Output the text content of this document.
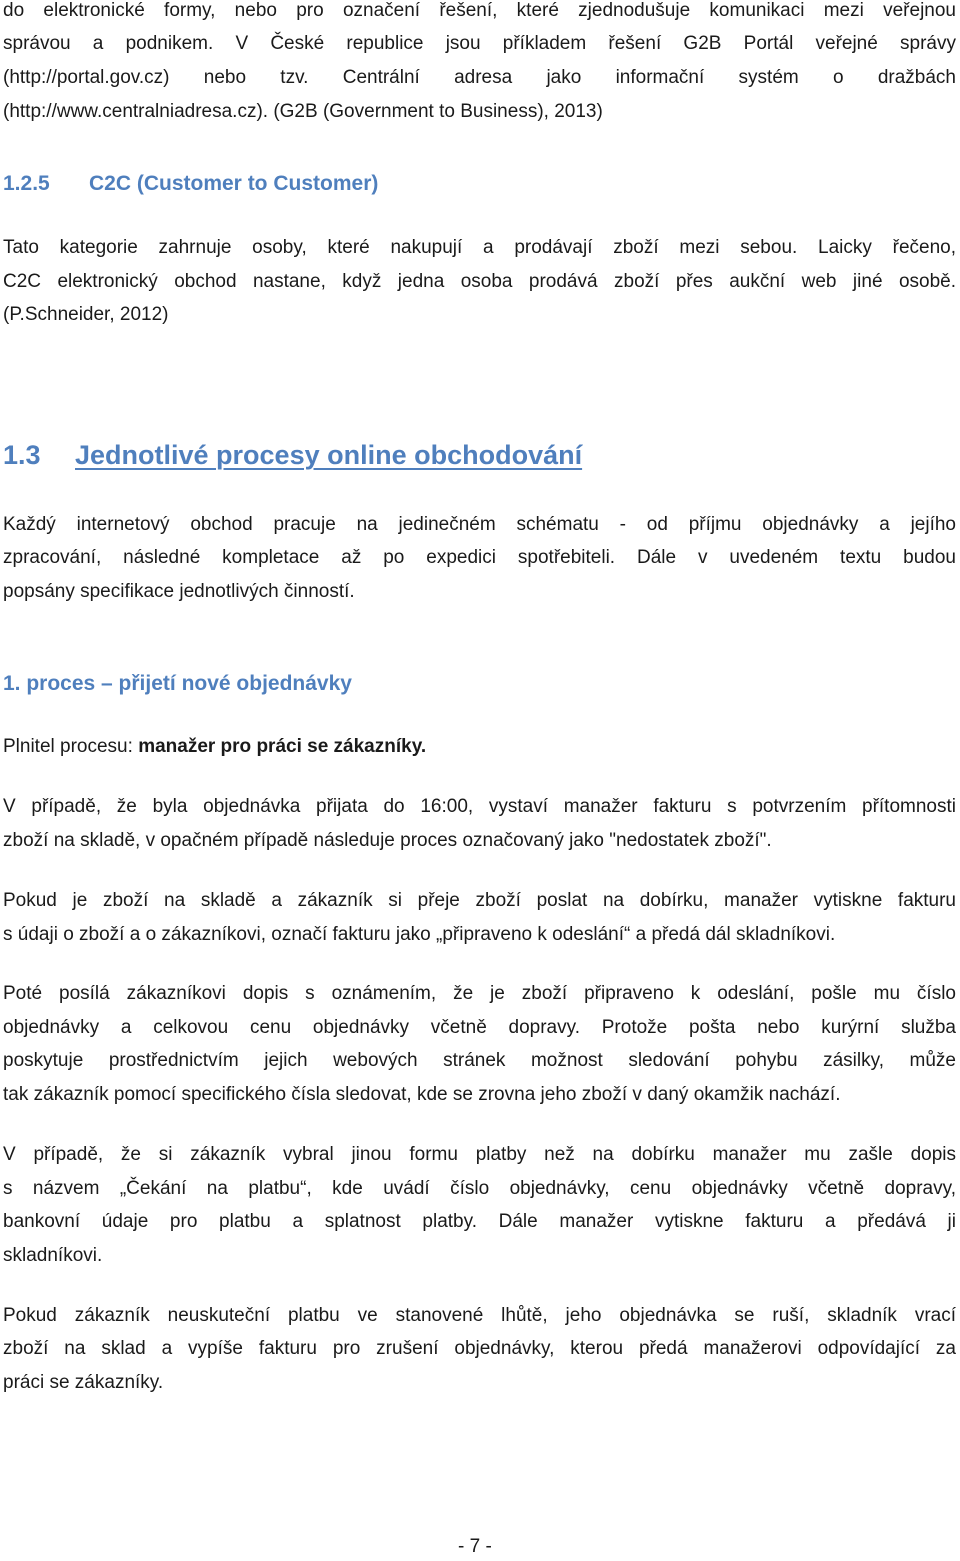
do elektronické formy, nebo pro označení řešení, které zjednodušuje komunikaci mezi veřejnou
správou a podnikem. V České republice jsou příkladem řešení G2B Portál veřejné správy
(http://portal.gov.cz) nebo tzv. Centrální adresa jako informační systém o dražbách
(http://www.centralniadresa.cz). (G2B (Government to Business), 2013)
1.2.5 C2C (Customer to Customer)
Tato kategorie zahrnuje osoby, které nakupují a prodávají zboží mezi sebou. Laicky řečeno,
C2C elektronický obchod nastane, když jedna osoba prodává zboží přes aukční web jiné osobě.
(P.Schneider, 2012)
1.3 Jednotlivé procesy online obchodování
Každý internetový obchod pracuje na jedinečném schématu - od příjmu objednávky a jejího
zpracování, následné kompletace až po expedici spotřebiteli. Dále v uvedeném textu budou
popsány specifikace jednotlivých činností.
1. proces – přijetí nové objednávky
Plnitel procesu: manažer pro práci se zákazníky.
V případě, že byla objednávka přijata do 16:00, vystaví manažer fakturu s potvrzením přítomnosti
zboží na skladě, v opačném případě následuje proces označovaný jako "nedostatek zboží".
Pokud je zboží na skladě a zákazník si přeje zboží poslat na dobírku, manažer vytiskne fakturu
s údaji o zboží a o zákazníkovi, označí fakturu jako „připraveno k odeslání“ a předá dál skladníkovi.
Poté posílá zákazníkovi dopis s oznámením, že je zboží připraveno k odeslání, pošle mu číslo
objednávky a celkovou cenu objednávky včetně dopravy. Protože pošta nebo kurýrní služba
poskytuje prostřednictvím jejich webových stránek možnost sledování pohybu zásilky, může
tak zákazník pomocí specifického čísla sledovat, kde se zrovna jeho zboží v daný okamžik nachází.
V případě, že si zákazník vybral jinou formu platby než na dobírku manažer mu zašle dopis
s názvem „Čekání na platbu“, kde uvádí číslo objednávky, cenu objednávky včetně dopravy,
bankovní údaje pro platbu a splatnost platby. Dále manažer vytiskne fakturu a předává ji
skladníkovi.
Pokud zákazník neuskuteční platbu ve stanovené lhůtě, jeho objednávka se ruší, skladník vrací
zboží na sklad a vypíše fakturu pro zrušení objednávky, kterou předá manažerovi odpovídající za
práci se zákazníky.
- 7 -
